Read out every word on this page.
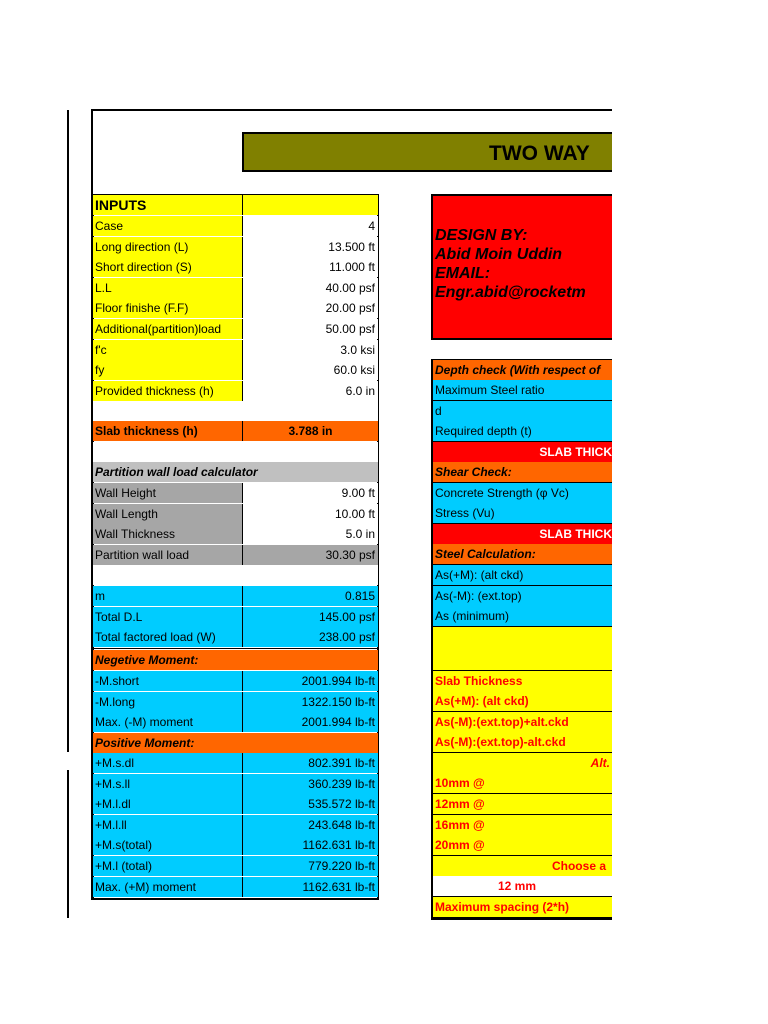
TWO WAY
INPUTS
Case	4
Long direction (L)	13.500 ft
Short direction (S)	11.000 ft
L.L	40.00 psf
Floor finishe (F.F)	20.00 psf
Additional(partition)load	50.00 psf
f'c	3.0 ksi
fy	60.0 ksi
Provided thickness (h)	6.0 in
Slab thickness (h)	3.788 in
Partition wall load calculator
Wall Height	9.00 ft
Wall Length	10.00 ft
Wall Thickness	5.0 in
Partition wall load	30.30 psf
m	0.815
Total D.L	145.00 psf
Total factored load (W)	238.00 psf
Negetive Moment:
-M.short	2001.994 lb-ft
-M.long	1322.150 lb-ft
Max. (-M) moment	2001.994 lb-ft
Positive Moment:
+M.s.dl	802.391 lb-ft
+M.s.ll	360.239 lb-ft
+M.l.dl	535.572 lb-ft
+M.l.ll	243.648 lb-ft
+M.s(total)	1162.631 lb-ft
+M.l (total)	779.220 lb-ft
Max. (+M) moment	1162.631 lb-ft
DESIGN BY:
Abid Moin Uddin
EMAIL:
Engr.abid@rocketm
Depth check (With respect of
Maximum Steel ratio
d
Required depth (t)
SLAB THICK
Shear Check:
Concrete Strength (φ Vc)
Stress (Vu)
SLAB THICK
Steel Calculation:
As(+M): (alt ckd)
As(-M): (ext.top)
As (minimum)
Slab Thickness
As(+M): (alt ckd)
As(-M):(ext.top)+alt.ckd
As(-M):(ext.top)-alt.ckd
Alt.
10mm @
12mm @
16mm @
20mm @
Choose a
12 mm
Maximum spacing (2*h)
